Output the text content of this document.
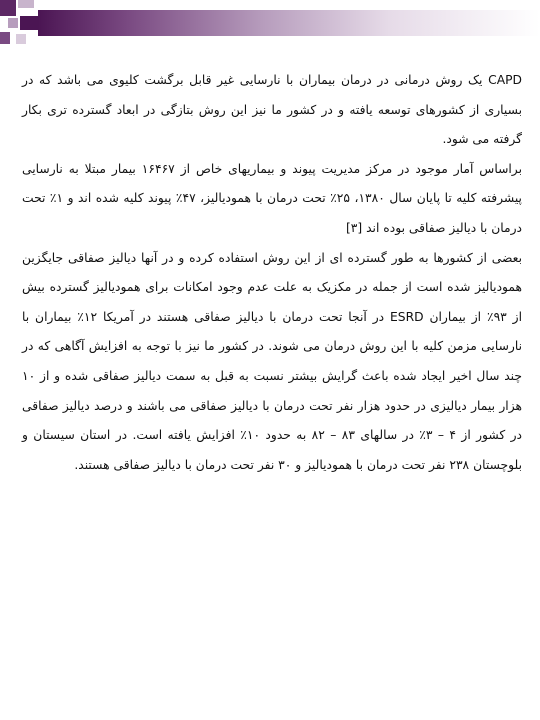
CAPD یک روش درمانی در درمان بیماران با نارسایی غیر قابل برگشت کلیوی می باشد که در بسیاری از کشورهای توسعه یافته و در کشور ما نیز این روش بتازگی در ابعاد گسترده تری بکار گرفته می شود.

براساس آمار موجود در مرکز مدیریت پیوند و بیماریهای خاص از ۱۶۴۶۷ بیمار مبتلا به نارسایی پیشرفته کلیه تا پایان سال ۱۳۸۰، ۲۵٪ تحت درمان با همودیالیز، ۴۷٪ پیوند کلیه شده اند و ۱٪ تحت درمان با دیالیز صفاقی بوده اند [۳]

بعضی از کشورها به طور گسترده ای از این روش استفاده کرده و در آنها دیالیز صفاقی جایگزین همودیالیز شده است از جمله در مکزیک به علت عدم وجود امکانات برای همودیالیز گسترده بیش از ۹۳٪ از بیماران ESRD در آنجا تحت درمان با دیالیز صفاقی هستند در آمریکا ۱۲٪ بیماران با نارسایی مزمن کلیه با این روش درمان می شوند. در کشور ما نیز با توجه به افزایش آگاهی که در چند سال اخیر ایجاد شده باعث گرایش بیشتر نسبت به قبل به سمت دیالیز صفاقی شده و از ۱۰ هزار بیمار دیالیزی در حدود هزار نفر تحت درمان با دیالیز صفاقی می باشند و درصد دیالیز صفاقی در کشور از ۴ – ۳٪ در سالهای ۸۳ – ۸۲ به حدود ۱۰٪ افزایش یافته است. در استان سیستان و بلوچستان ۲۳۸ نفر تحت درمان با همودیالیز و ۳۰ نفر تحت درمان با دیالیز صفاقی هستند.
